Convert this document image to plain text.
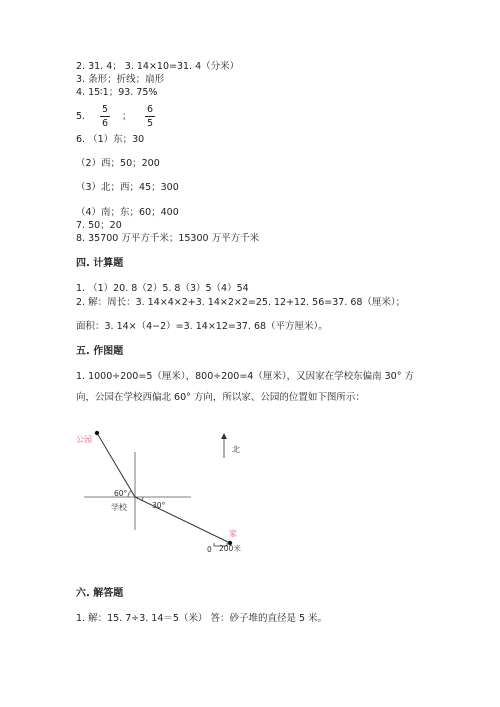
2. 31. 4； 3. 14×10=31. 4（分米）
3. 条形；折线；扇形
4. 15∶1；93. 75%
5.
5
6
；
6
5
6. （1）东；30
（2）西；50；200
（3）北；西；45；300
（4）南；东；60；400
7. 50；20
8. 35700 万平方千米；15300 万平方千米
四. 计算题
1. （1）20. 8（2）5. 8（3）5（4）54
2. 解：周长：3. 14×4×2+3. 14×2×2=25. 12+12. 56=37. 68（厘米）；
面积：3. 14×（4−2）=3. 14×12=37. 68（平方厘米）。
五. 作图题
1. 1000÷200=5（厘米），800÷200=4（厘米），又因家在学校东偏南 30° 方
向，公园在学校西偏北 60° 方向，所以家、公园的位置如下图所示：
公园
北
60°
30°
学校
家
0 200米
六. 解答题
1. 解：15. 7÷3. 14＝5（米） 答：砂子堆的直径是 5 米。
